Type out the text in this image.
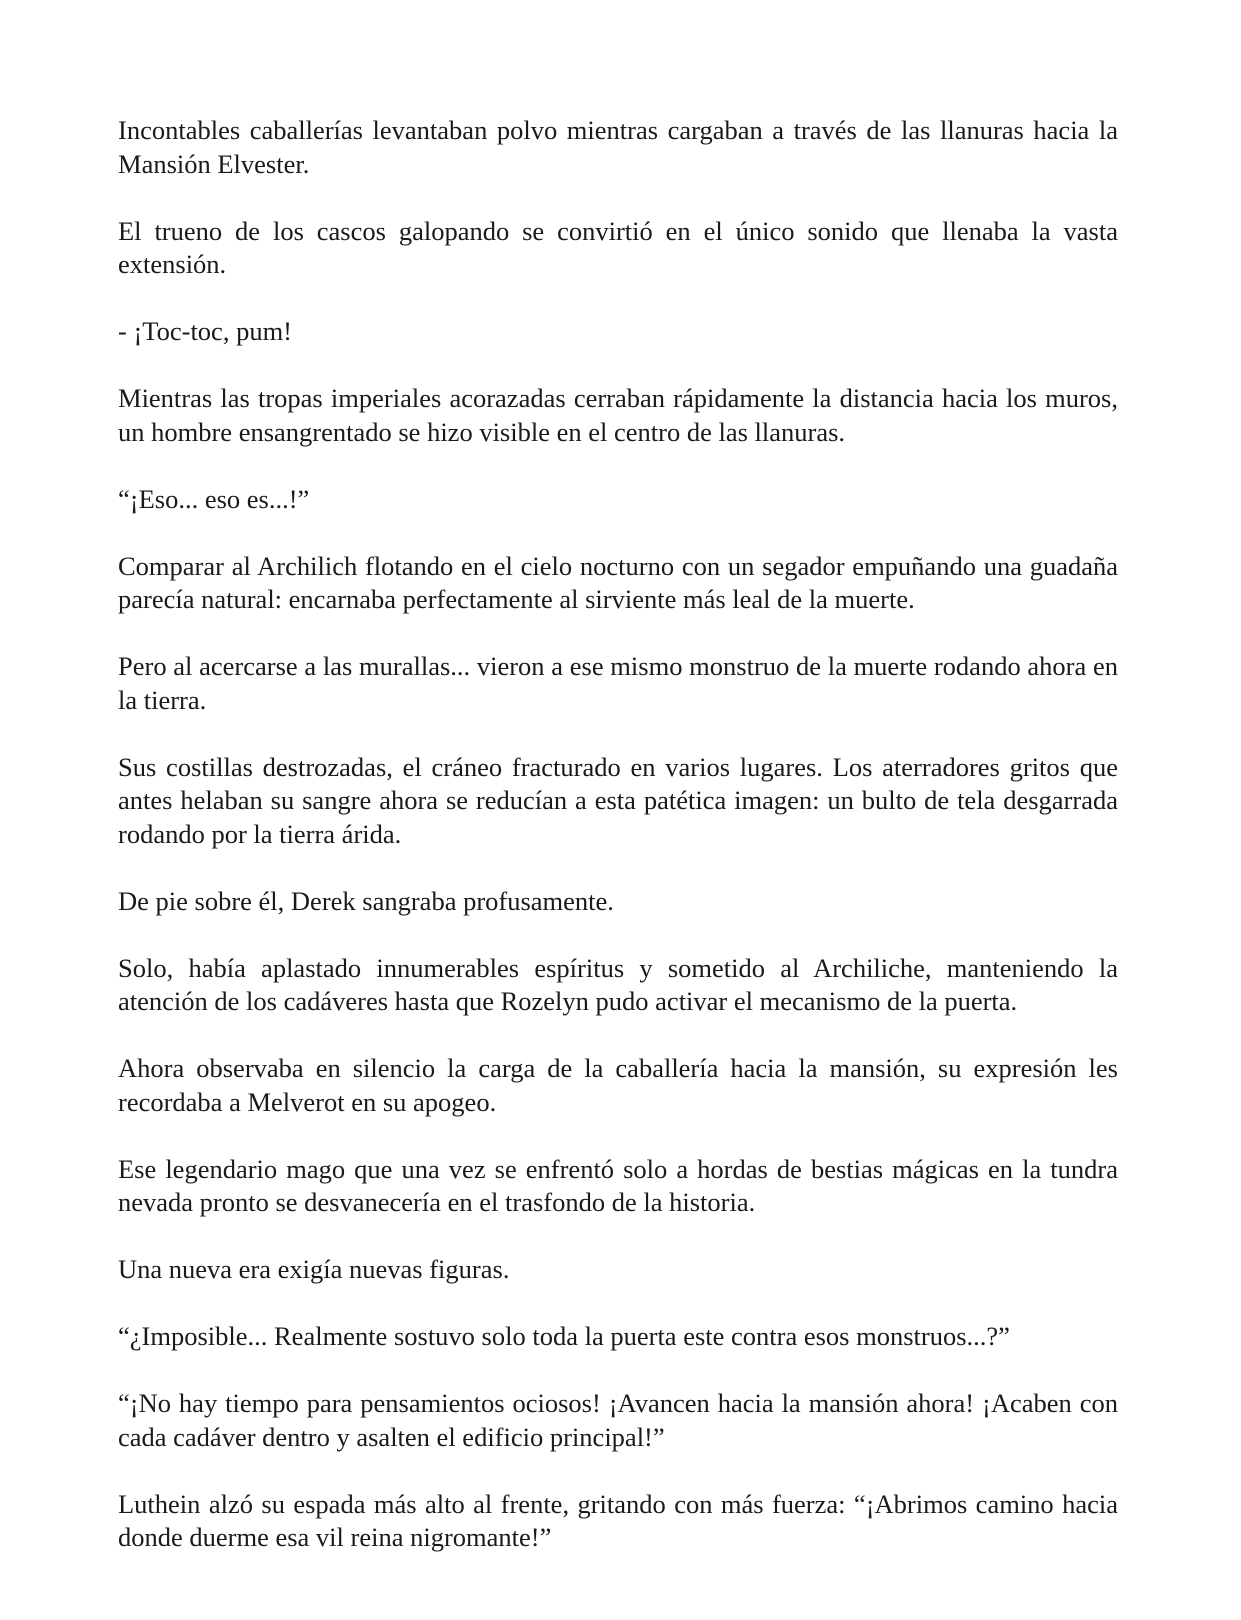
Incontables caballerías levantaban polvo mientras cargaban a través de las llanuras hacia la Mansión Elvester.

El trueno de los cascos galopando se convirtió en el único sonido que llenaba la vasta extensión.

- ¡Toc-toc, pum!

Mientras las tropas imperiales acorazadas cerraban rápidamente la distancia hacia los muros, un hombre ensangrentado se hizo visible en el centro de las llanuras.

“¡Eso... eso es...!”

Comparar al Archilich flotando en el cielo nocturno con un segador empuñando una guadaña parecía natural: encarnaba perfectamente al sirviente más leal de la muerte.

Pero al acercarse a las murallas... vieron a ese mismo monstruo de la muerte rodando ahora en la tierra.

Sus costillas destrozadas, el cráneo fracturado en varios lugares. Los aterradores gritos que antes helaban su sangre ahora se reducían a esta patética imagen: un bulto de tela desgarrada rodando por la tierra árida.

De pie sobre él, Derek sangraba profusamente.

Solo, había aplastado innumerables espíritus y sometido al Archiliche, manteniendo la atención de los cadáveres hasta que Rozelyn pudo activar el mecanismo de la puerta.

Ahora observaba en silencio la carga de la caballería hacia la mansión, su expresión les recordaba a Melverot en su apogeo.

Ese legendario mago que una vez se enfrentó solo a hordas de bestias mágicas en la tundra nevada pronto se desvanecería en el trasfondo de la historia.

Una nueva era exigía nuevas figuras.

“¿Imposible... Realmente sostuvo solo toda la puerta este contra esos monstruos...?”

“¡No hay tiempo para pensamientos ociosos! ¡Avancen hacia la mansión ahora! ¡Acaben con cada cadáver dentro y asalten el edificio principal!”

Luthein alzó su espada más alto al frente, gritando con más fuerza: “¡Abrimos camino hacia donde duerme esa vil reina nigromante!”
